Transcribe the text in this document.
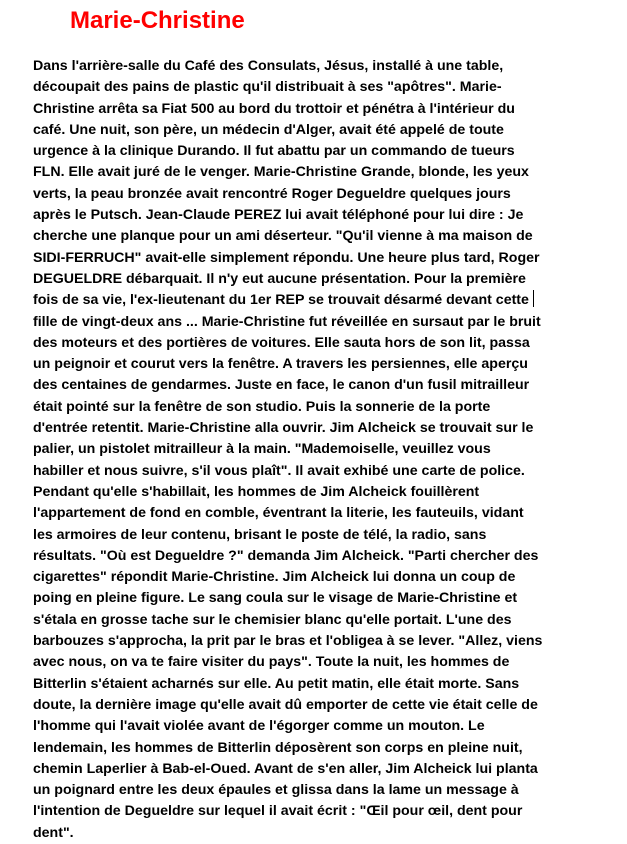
Marie-Christine
Dans l'arrière-salle du Café des Consulats, Jésus, installé à une table,
découpait des pains de plastic qu'il distribuait à ses "apôtres". Marie-
Christine arrêta sa Fiat 500 au bord du trottoir et pénétra à l'intérieur du
café. Une nuit, son père, un médecin d'Alger, avait été appelé de toute
urgence à la clinique Durando. Il fut abattu par un commando de tueurs
FLN. Elle avait juré de le venger. Marie-Christine Grande, blonde, les yeux
verts, la peau bronzée avait rencontré Roger Degueldre quelques jours
après le Putsch. Jean-Claude PEREZ lui avait téléphoné pour lui dire : Je
cherche une planque pour un ami déserteur. "Qu'il vienne à ma maison de
SIDI-FERRUCH" avait-elle simplement répondu. Une heure plus tard, Roger
DEGUELDRE débarquait. Il n'y eut aucune présentation. Pour la première
fois de sa vie, l'ex-lieutenant du 1er REP se trouvait désarmé devant cette
fille de vingt-deux ans ... Marie-Christine fut réveillée en sursaut par le bruit
des moteurs et des portières de voitures. Elle sauta hors de son lit, passa
un peignoir et courut vers la fenêtre. A travers les persiennes, elle aperçu
des centaines de gendarmes. Juste en face, le canon d'un fusil mitrailleur
était pointé sur la fenêtre de son studio. Puis la sonnerie de la porte
d'entrée retentit. Marie-Christine alla ouvrir. Jim Alcheick se trouvait sur le
palier, un pistolet mitrailleur à la main. "Mademoiselle, veuillez vous
habiller et nous suivre, s'il vous plaît". Il avait exhibé une carte de police.
Pendant qu'elle s'habillait, les hommes de Jim Alcheick fouillèrent
l'appartement de fond en comble, éventrant la literie, les fauteuils, vidant
les armoires de leur contenu, brisant le poste de télé, la radio, sans
résultats. "Où est Degueldre ?" demanda Jim Alcheick. "Parti chercher des
cigarettes" répondit Marie-Christine. Jim Alcheick lui donna un coup de
poing en pleine figure. Le sang coula sur le visage de Marie-Christine et
s'étala en grosse tache sur le chemisier blanc qu'elle portait. L'une des
barbouzes s'approcha, la prit par le bras et l'obligea à se lever. "Allez, viens
avec nous, on va te faire visiter du pays". Toute la nuit, les hommes de
Bitterlin s'étaient acharnés sur elle. Au petit matin, elle était morte. Sans
doute, la dernière image qu'elle avait dû emporter de cette vie était celle de
l'homme qui l'avait violée avant de l'égorger comme un mouton. Le
lendemain, les hommes de Bitterlin déposèrent son corps en pleine nuit,
chemin Laperlier à Bab-el-Oued. Avant de s'en aller, Jim Alcheick lui planta
un poignard entre les deux épaules et glissa dans la lame un message à
l'intention de Degueldre sur lequel il avait écrit : "Œil pour œil, dent pour
dent".
